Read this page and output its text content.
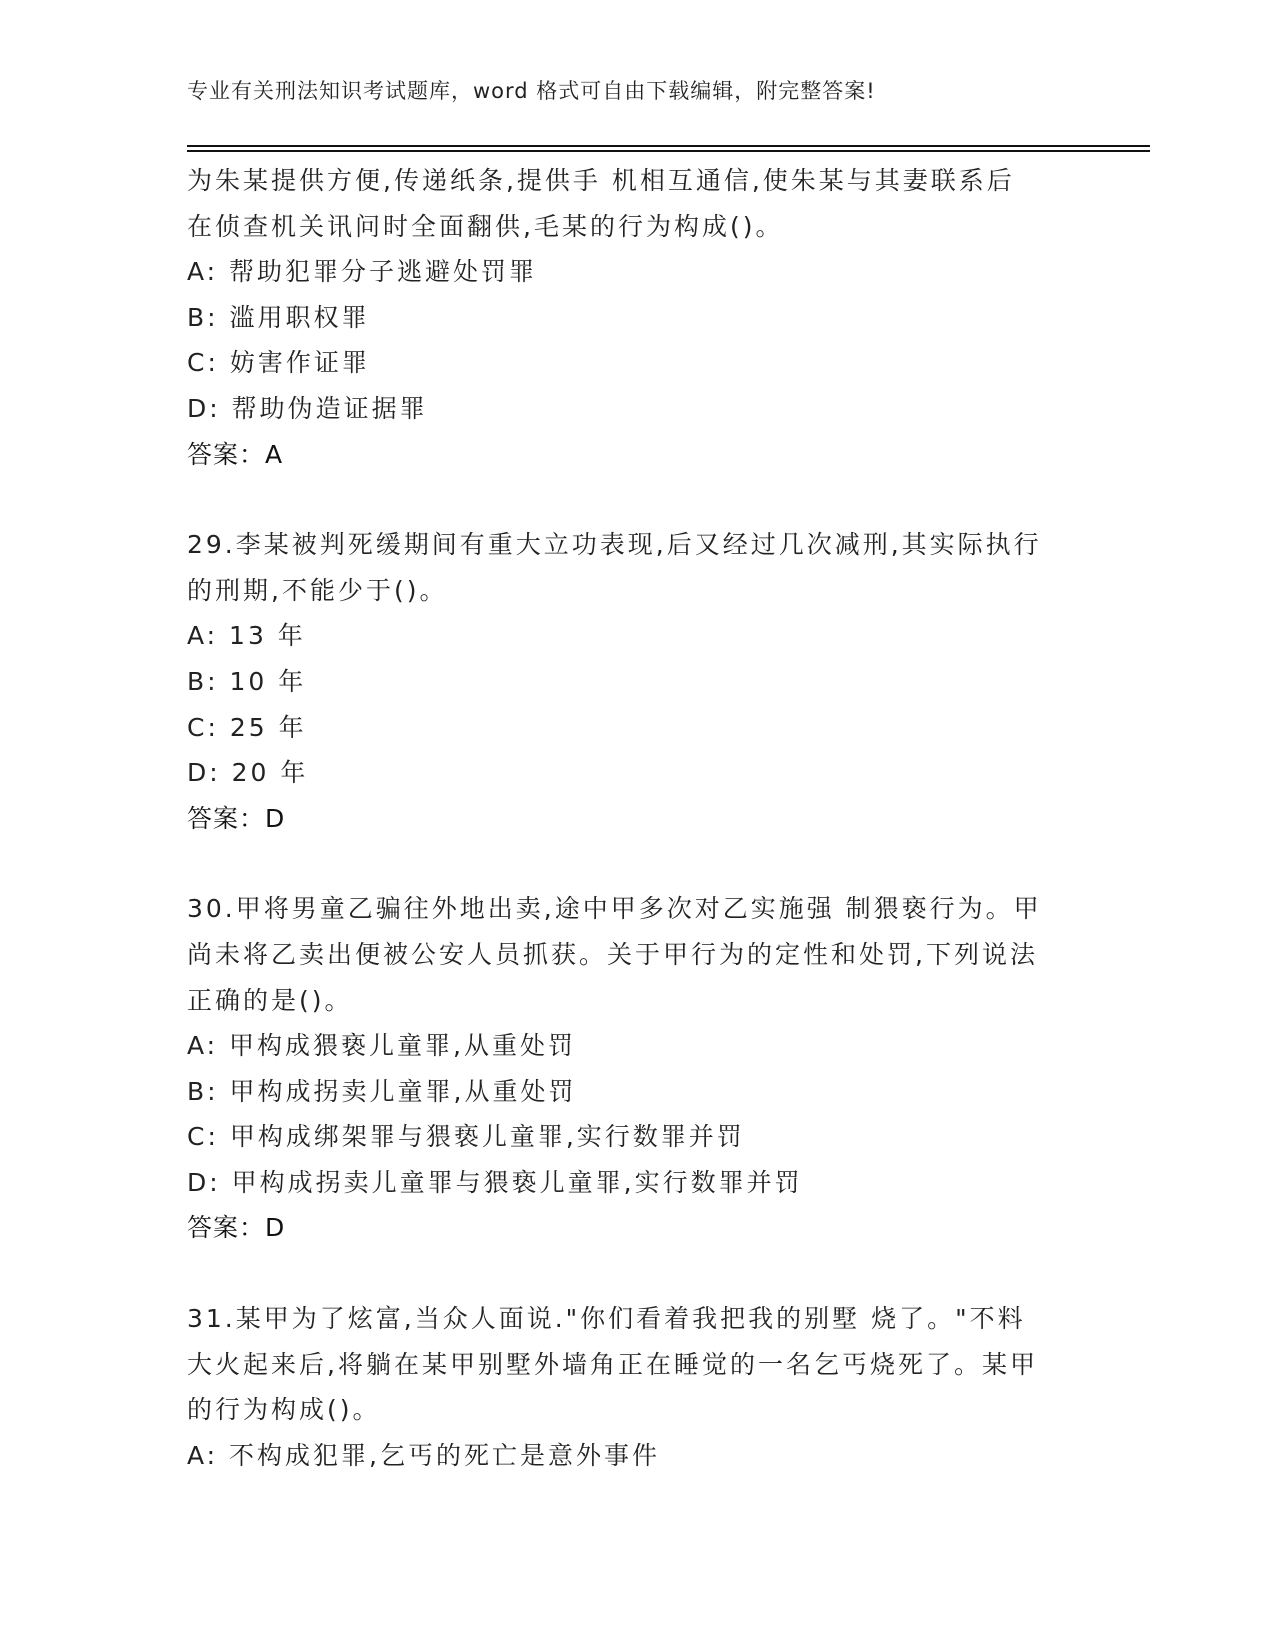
专业有关刑法知识考试题库，word 格式可自由下载编辑，附完整答案!
为朱某提供方便,传递纸条,提供手 机相互通信,使朱某与其妻联系后
在侦查机关讯问时全面翻供,毛某的行为构成()。
A: 帮助犯罪分子逃避处罚罪
B: 滥用职权罪
C: 妨害作证罪
D: 帮助伪造证据罪
答案：A
29.李某被判死缓期间有重大立功表现,后又经过几次减刑,其实际执行
的刑期,不能少于()。
A: 13 年
B: 10 年
C: 25 年
D: 20 年
答案：D
30.甲将男童乙骗往外地出卖,途中甲多次对乙实施强 制猥亵行为。甲
尚未将乙卖出便被公安人员抓获。关于甲行为的定性和处罚,下列说法
正确的是()。
A: 甲构成猥亵儿童罪,从重处罚
B: 甲构成拐卖儿童罪,从重处罚
C: 甲构成绑架罪与猥亵儿童罪,实行数罪并罚
D: 甲构成拐卖儿童罪与猥亵儿童罪,实行数罪并罚
答案：D
31.某甲为了炫富,当众人面说."你们看着我把我的别墅 烧了。"不料
大火起来后,将躺在某甲别墅外墙角正在睡觉的一名乞丐烧死了。某甲
的行为构成()。
A: 不构成犯罪,乞丐的死亡是意外事件
